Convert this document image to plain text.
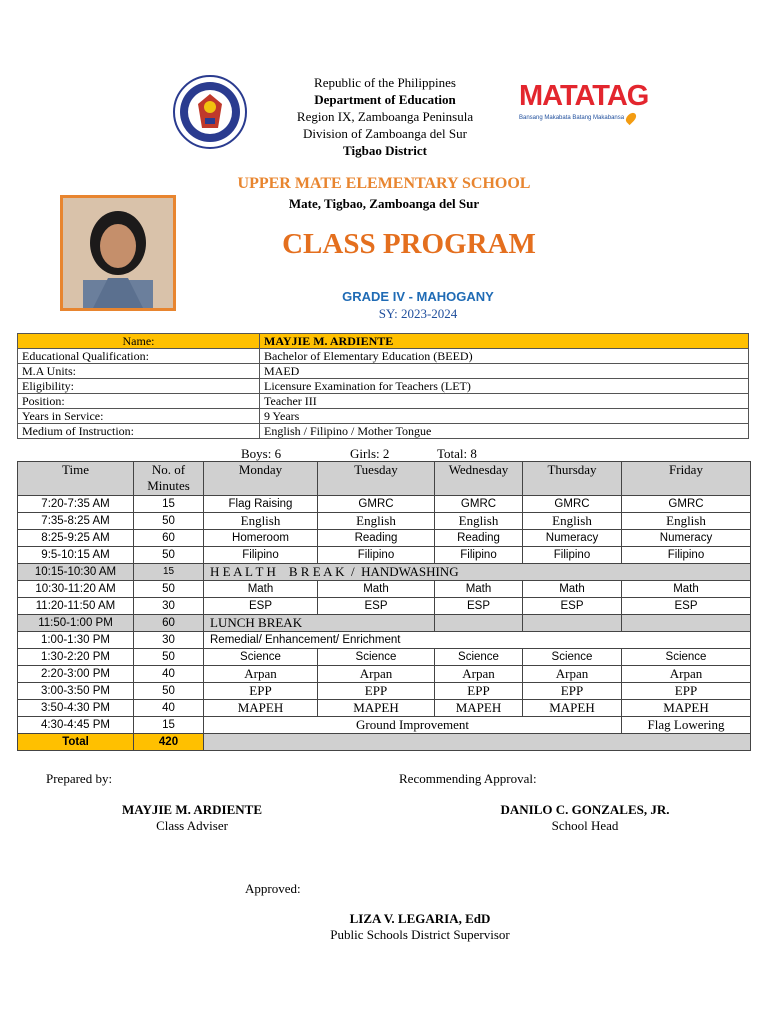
Republic of the Philippines
Department of Education
Region IX, Zamboanga Peninsula
Division of Zamboanga del Sur
Tigbao District
MATATAG
Bansang Makabata Batang Makabansa
UPPER MATE ELEMENTARY SCHOOL
Mate, Tigbao, Zamboanga del Sur
CLASS PROGRAM
GRADE IV - MAHOGANY
SY: 2023-2024
Name:	MAYJIE M. ARDIENTE
Educational Qualification:	Bachelor of Elementary Education (BEED)
M.A Units:	MAED
Eligibility:	Licensure Examination for Teachers (LET)
Position:	Teacher III
Years in Service:	9 Years
Medium of Instruction:	English / Filipino / Mother Tongue
Boys: 6	Girls: 2	Total: 8
Time	No. of Minutes	Monday	Tuesday	Wednesday	Thursday	Friday
7:20-7:35 AM	15	Flag Raising	GMRC	GMRC	GMRC	GMRC
7:35-8:25 AM	50	English	English	English	English	English
8:25-9:25 AM	60	Homeroom	Reading	Reading	Numeracy	Numeracy
9:5-10:15 AM	50	Filipino	Filipino	Filipino	Filipino	Filipino
10:15-10:30 AM	15	H E A L T H    B R E A K  /  HANDWASHING				
10:30-11:20 AM	50	Math	Math	Math	Math	Math
11:20-11:50 AM	30	ESP	ESP	ESP	ESP	ESP
11:50-1:00 PM	60	LUNCH BREAK				
1:00-1:30 PM	30	Remedial/ Enhancement/ Enrichment				
1:30-2:20 PM	50	Science	Science	Science	Science	Science
2:20-3:00 PM	40	Arpan	Arpan	Arpan	Arpan	Arpan
3:00-3:50 PM	50	EPP	EPP	EPP	EPP	EPP
3:50-4:30 PM	40	MAPEH	MAPEH	MAPEH	MAPEH	MAPEH
4:30-4:45 PM	15	Ground Improvement				Flag Lowering
Total	420					
Prepared by:	Recommending Approval:
MAYJIE M. ARDIENTE
Class Adviser
DANILO C. GONZALES, JR.
School Head
Approved:
LIZA V. LEGARIA, EdD
Public Schools District Supervisor
